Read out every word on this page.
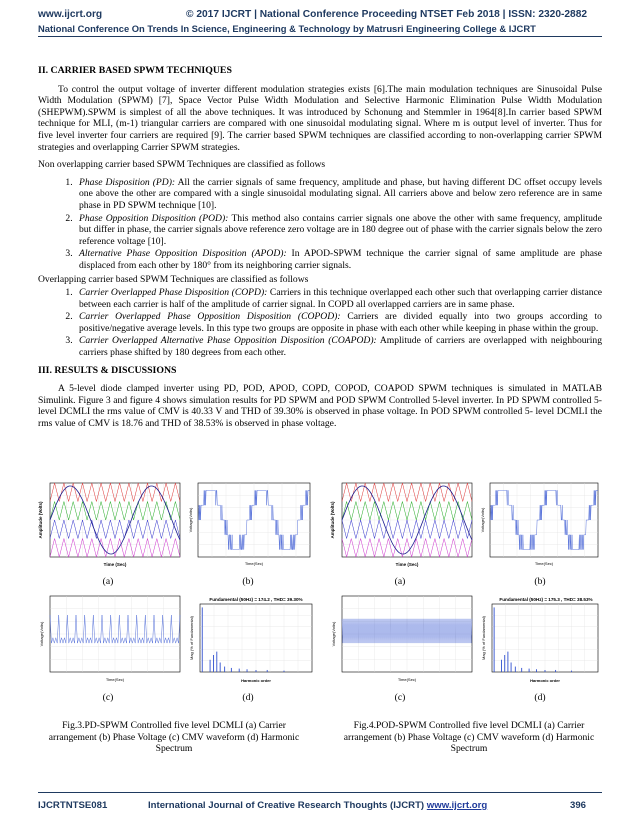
www.ijcrt.org	© 2017 IJCRT | National Conference Proceeding NTSET Feb 2018 | ISSN: 2320-2882
National Conference On Trends In Science, Engineering & Technology by Matrusri Engineering College & IJCRT
II. CARRIER BASED SPWM TECHNIQUES

To control the output voltage of inverter different modulation strategies exists [6].The main modulation techniques are Sinusoidal Pulse Width Modulation (SPWM) [7], Space Vector Pulse Width Modulation and Selective Harmonic Elimination Pulse Width Modulation (SHEPWM).SPWM is simplest of all the above techniques. It was introduced by Schonung and Stemmler in 1964[8].In carrier based SPWM technique for MLI, (m-1) triangular carriers are compared with one sinusoidal modulating signal. Where m is output level of inverter. Thus for five level inverter four carriers are required [9]. The carrier based SPWM techniques are classified according to non-overlapping carrier SPWM strategies and overlapping Carrier SPWM strategies.

Non overlapping carrier based SPWM Techniques are classified as follows

1. Phase Disposition (PD): All the carrier signals of same frequency, amplitude and phase, but having different DC offset occupy levels one above the other are compared with a single sinusoidal modulating signal. All carriers above and below zero reference are in same phase in PD SPWM technique [10].
2. Phase Opposition Disposition (POD): This method also contains carrier signals one above the other with same frequency, amplitude but differ in phase, the carrier signals above reference zero voltage are in 180 degree out of phase with the carrier signals below the zero reference voltage [10].
3. Alternative Phase Opposition Disposition (APOD): In APOD-SPWM technique the carrier signal of same amplitude are phase displaced from each other by 180° from its neighboring carrier signals.

Overlapping carrier based SPWM Techniques are classified as follows

1. Carrier Overlapped Phase Disposition (COPD): Carriers in this technique overlapped each other such that overlapping carrier distance between each carrier is half of the amplitude of carrier signal. In COPD all overlapped carriers are in same phase.
2. Carrier Overlapped Phase Opposition Disposition (COPOD): Carriers are divided equally into two groups according to positive/negative average levels. In this type two groups are opposite in phase with each other while keeping in phase within the group.
3. Carrier Overlapped Alternative Phase Opposition Disposition (COAPOD): Amplitude of carriers are overlapped with neighbouring carriers phase shifted by 180 degrees from each other.
III. RESULTS & DISCUSSIONS

A 5-level diode clamped inverter using PD, POD, APOD, COPD, COPOD, COAPOD SPWM techniques is simulated in MATLAB Simulink. Figure 3 and figure 4 shows simulation results for PD SPWM and POD SPWM Controlled 5-level inverter. In PD SPWM controlled 5-level DCMLI the rms value of CMV is 40.33 V and THD of 39.30% is observed in phase voltage. In POD SPWM controlled 5- level DCMLI the rms value of CMV is 18.76 and THD of 38.53% is observed in phase voltage.

Amplitude (Volts)
Time (Sec)
Voltage(Volts)
Time(Sec)
Amplitude (Volts)
Time (Sec)
Voltage(Volts)
Time(Sec)
(a)	(b)	(a)	(b)
Voltage(Volts)
Time(Sec)
Fundamental (50Hz) = 174.2 , THD= 39.30%
Mag (% of Fundamental)
Harmonic order
Voltage(Volts)
Time(Sec)
Fundamental (50Hz) = 175.3 , THD= 38.53%
Mag (% of Fundamental)
Harmonic order
(c)	(d)	(c)	(d)
Fig.3.PD-SPWM Controlled five level DCMLI (a) Carrier arrangement (b) Phase Voltage (c) CMV waveform (d) Harmonic Spectrum
Fig.4.POD-SPWM Controlled five level DCMLI (a) Carrier arrangement (b) Phase Voltage (c) CMV waveform (d) Harmonic Spectrum
IJCRTNTSE081	International Journal of Creative Research Thoughts (IJCRT) www.ijcrt.org	396
